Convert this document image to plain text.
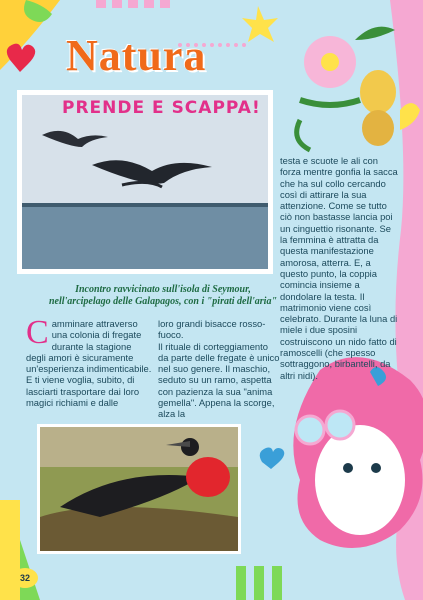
Natura
PRENDE E SCAPPA!
Incontro ravvicinato sull'isola di Seymour, nell'arcipelago delle Galapagos, con i "pirati dell'aria"
C amminare attraverso una colonia di fregate durante la stagione degli amori è sicuramente un'esperienza indimenticabile.
E ti viene voglia, subito, di lasciarti trasportare dai loro magici richiami e dalle
loro grandi bisacce rosso-fuoco.
Il rituale di corteggiamento da parte delle fregate è unico nel suo genere. Il maschio, seduto su un ramo, aspetta con pazienza la sua "anima gemella". Appena la scorge, alza la
testa e scuote le ali con forza mentre gonfia la sacca che ha sul collo cercando così di attirare la sua attenzione. Come se tutto ciò non bastasse lancia poi un cinguettio risonante. Se la femmina è attratta da questa manifestazione amorosa, atterra. E, a questo punto, la coppia comincia insieme a dondolare la testa. Il matrimonio viene così celebrato. Durante la luna di miele i due sposini costruiscono un nido fatto di ramoscelli (che spesso sottraggono, birbantelli, da altri nidi).
32
